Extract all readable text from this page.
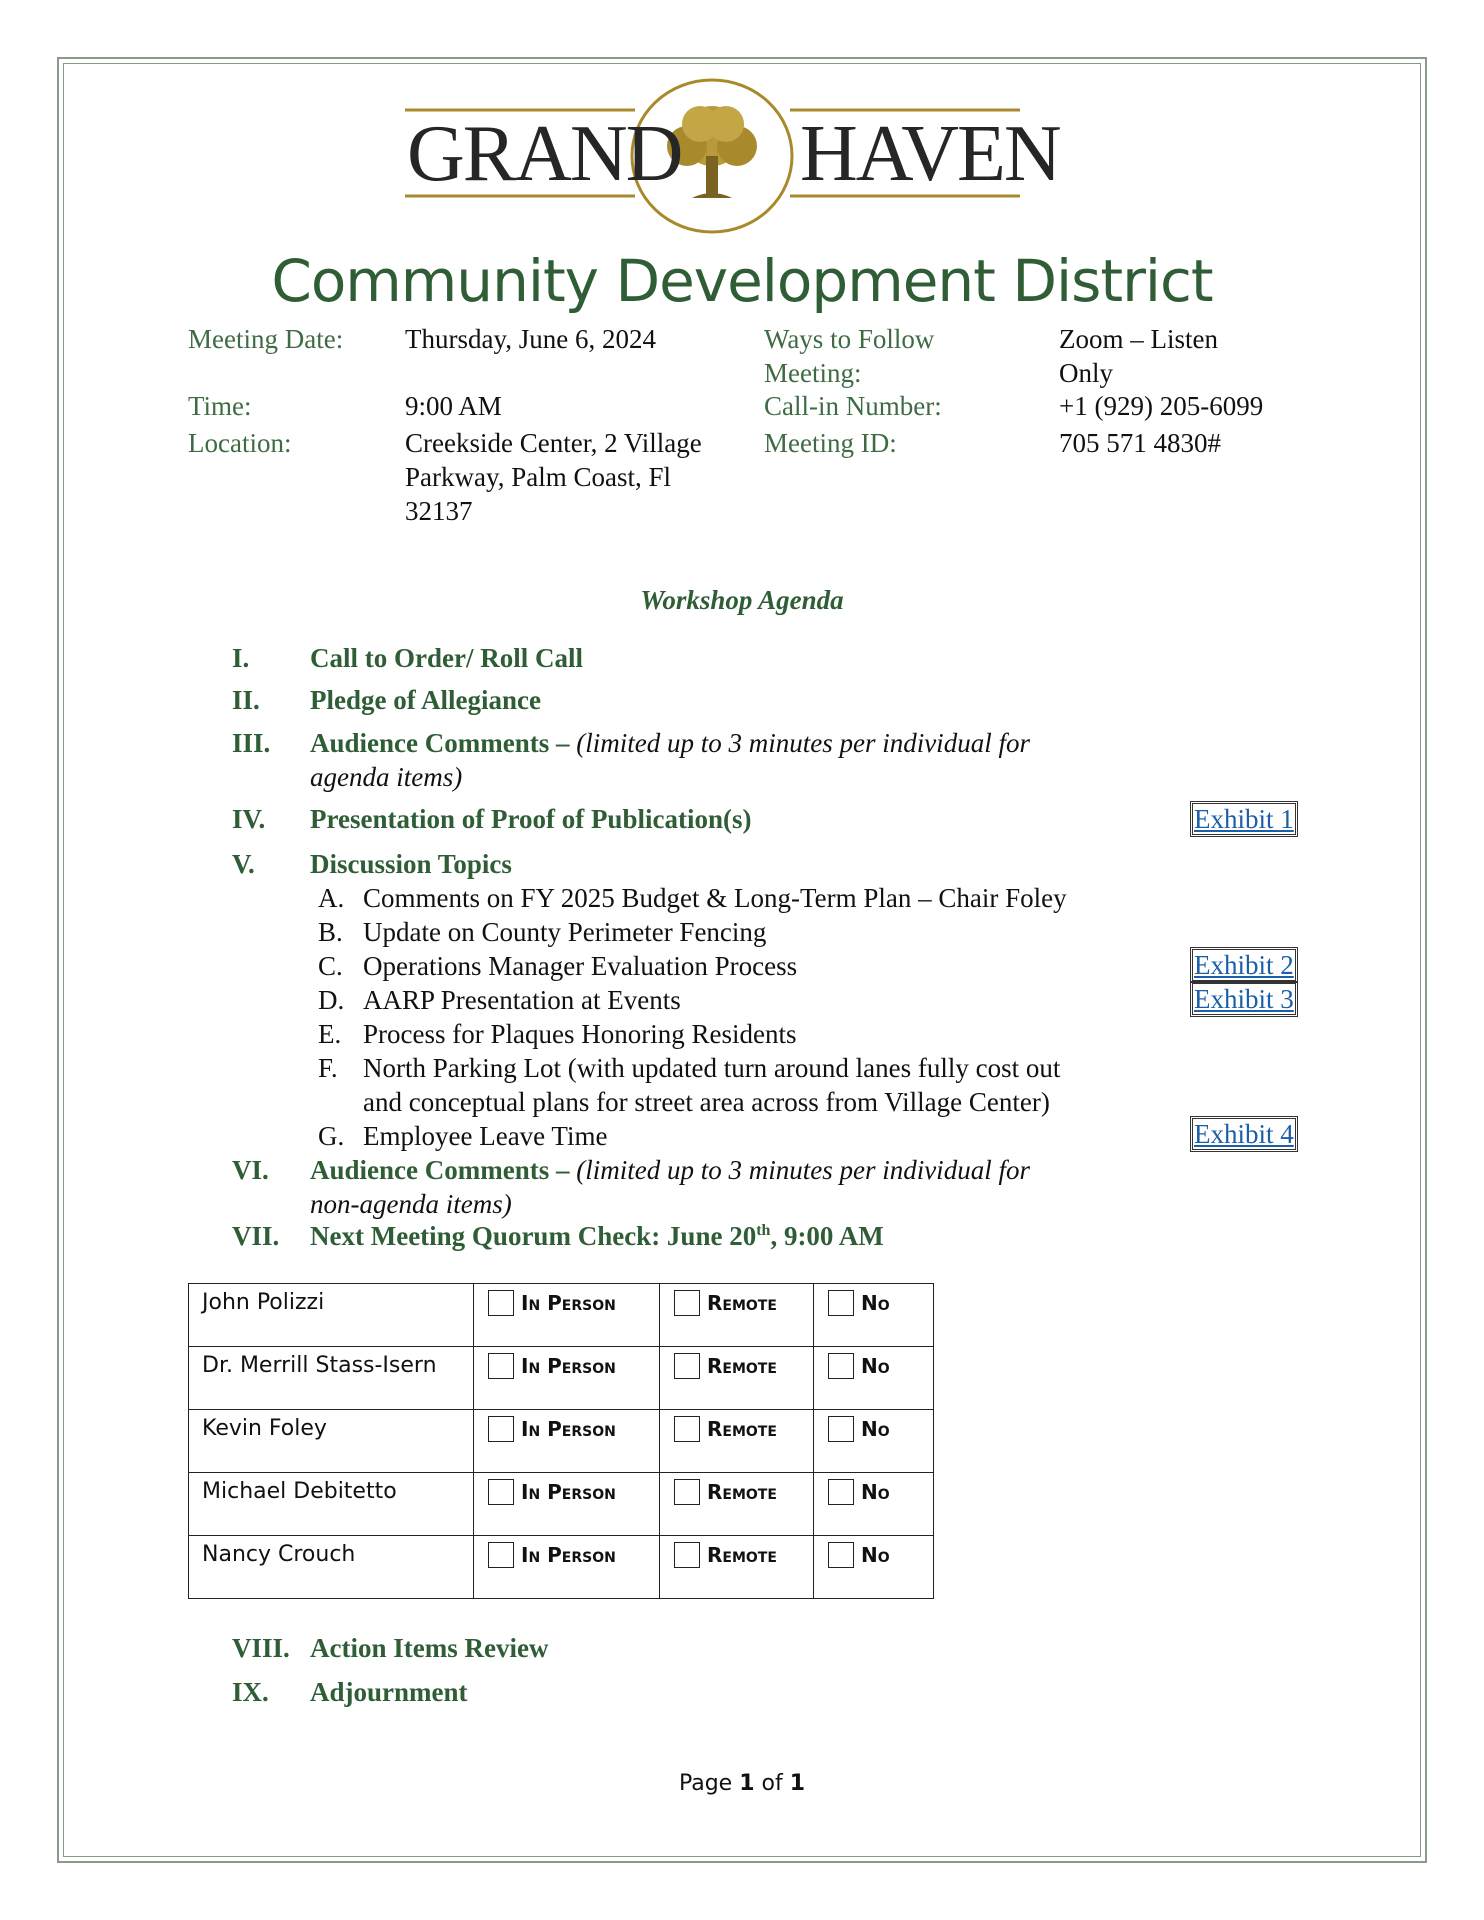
GRAND HAVEN
Community Development District
Meeting Date: Thursday, June 6, 2024
Time:	9:00 AM
Location:	Creekside Center, 2 Village
Parkway, Palm Coast, Fl
32137
Ways to Follow
Meeting:
Zoom – Listen
Only
Call-in Number:	+1 (929) 205-6099
Meeting ID:	705 571 4830#
Workshop Agenda
I. Call to Order/ Roll Call
II. Pledge of Allegiance
III. Audience Comments – (limited up to 3 minutes per individual for
agenda items)
IV. Presentation of Proof of Publication(s)	Exhibit 1
V. Discussion Topics
A. Comments on FY 2025 Budget & Long-Term Plan – Chair Foley
B. Update on County Perimeter Fencing
C. Operations Manager Evaluation Process	Exhibit 2
D. AARP Presentation at Events	Exhibit 3
E. Process for Plaques Honoring Residents
F. North Parking Lot (with updated turn around lanes fully cost out
and conceptual plans for street area across from Village Center)
G. Employee Leave Time	Exhibit 4
VI. Audience Comments – (limited up to 3 minutes per individual for
non-agenda items)
VII. Next Meeting Quorum Check: June 20th, 9:00 AM
John Polizzi	In Person	Remote	No

Dr. Merrill Stass-Isern	In Person	Remote	No

Kevin Foley	In Person	Remote	No

Michael Debitetto	In Person	Remote	No

Nancy Crouch	In Person	Remote	No
VIII. Action Items Review
IX. Adjournment
Page 1 of 1
